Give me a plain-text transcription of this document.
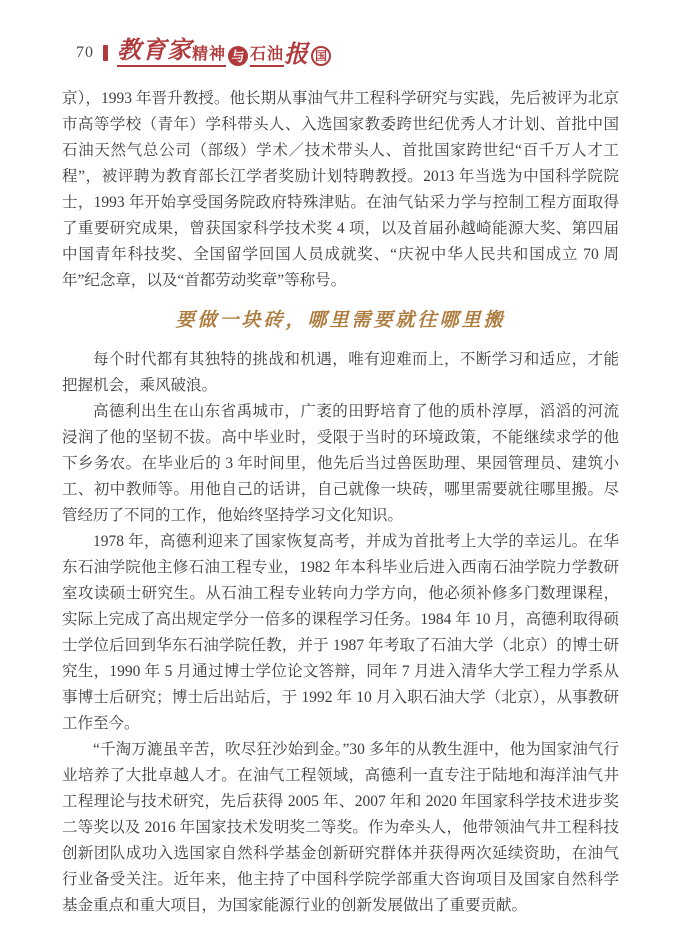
70 教育家 精神 与 石油 报 国

京），1993 年晋升教授。他长期从事油气井工程科学研究与实践，先后被评为北京市高等学校（青年）学科带头人、入选国家教委跨世纪优秀人才计划、首批中国石油天然气总公司（部级）学术／技术带头人、首批国家跨世纪“百千万人才工程”，被评聘为教育部长江学者奖励计划特聘教授。2013 年当选为中国科学院院士，1993 年开始享受国务院政府特殊津贴。在油气钻采力学与控制工程方面取得了重要研究成果，曾获国家科学技术奖 4 项，以及首届孙越崎能源大奖、第四届中国青年科技奖、全国留学回国人员成就奖、“庆祝中华人民共和国成立 70 周年”纪念章，以及“首都劳动奖章”等称号。

要做一块砖，哪里需要就往哪里搬

每个时代都有其独特的挑战和机遇，唯有迎难而上，不断学习和适应，才能把握机会，乘风破浪。

高德利出生在山东省禹城市，广袤的田野培育了他的质朴淳厚，滔滔的河流浸润了他的坚韧不拔。高中毕业时，受限于当时的环境政策，不能继续求学的他下乡务农。在毕业后的 3 年时间里，他先后当过兽医助理、果园管理员、建筑小工、初中教师等。用他自己的话讲，自己就像一块砖，哪里需要就往哪里搬。尽管经历了不同的工作，他始终坚持学习文化知识。

1978 年，高德利迎来了国家恢复高考，并成为首批考上大学的幸运儿。在华东石油学院他主修石油工程专业，1982 年本科毕业后进入西南石油学院力学教研室攻读硕士研究生。从石油工程专业转向力学方向，他必须补修多门数理课程，实际上完成了高出规定学分一倍多的课程学习任务。1984 年 10 月，高德利取得硕士学位后回到华东石油学院任教，并于 1987 年考取了石油大学（北京）的博士研究生，1990 年 5 月通过博士学位论文答辩，同年 7 月进入清华大学工程力学系从事博士后研究；博士后出站后，于 1992 年 10 月入职石油大学（北京），从事教研工作至今。

“千淘万漉虽辛苦，吹尽狂沙始到金。”30 多年的从教生涯中，他为国家油气行业培养了大批卓越人才。在油气工程领域，高德利一直专注于陆地和海洋油气井工程理论与技术研究，先后获得 2005 年、2007 年和 2020 年国家科学技术进步奖二等奖以及 2016 年国家技术发明奖二等奖。作为牵头人，他带领油气井工程科技创新团队成功入选国家自然科学基金创新研究群体并获得两次延续资助，在油气行业备受关注。近年来，他主持了中国科学院学部重大咨询项目及国家自然科学基金重点和重大项目，为国家能源行业的创新发展做出了重要贡献。
